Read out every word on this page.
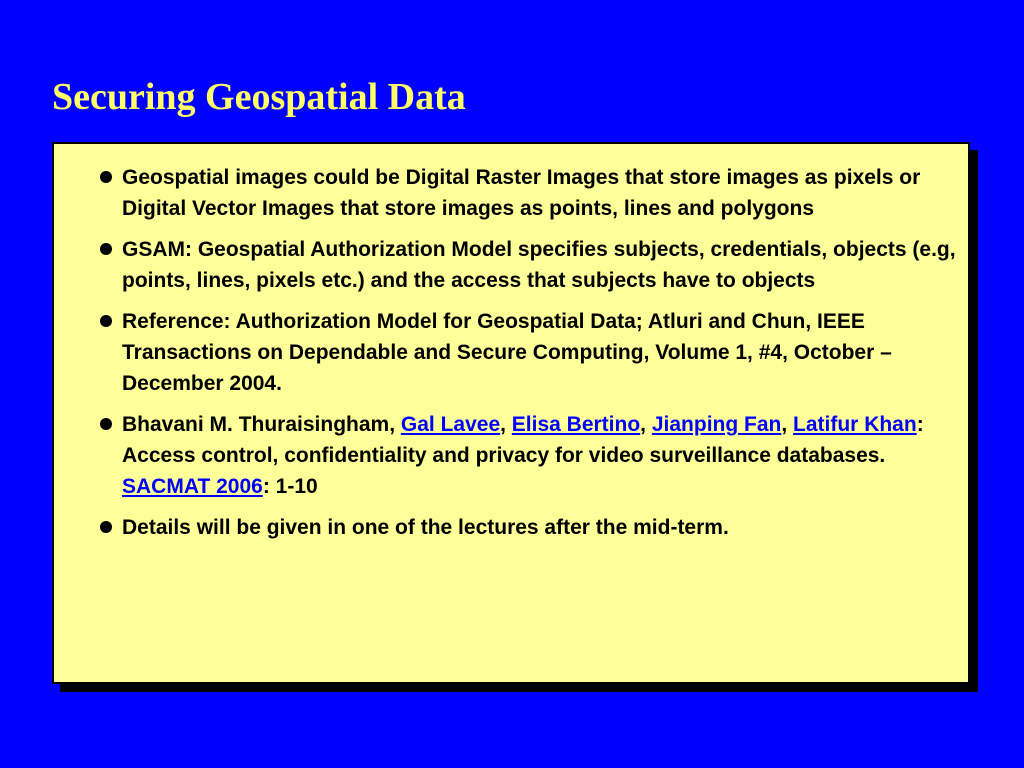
Securing Geospatial Data
Geospatial images could be Digital Raster Images that store images as pixels or Digital Vector Images that store images as points, lines and polygons
GSAM: Geospatial Authorization Model specifies subjects, credentials, objects (e.g, points, lines, pixels etc.) and the access that subjects have to objects
Reference: Authorization Model for Geospatial Data; Atluri and Chun, IEEE Transactions on Dependable and Secure Computing, Volume 1, #4, October – December 2004.
Bhavani M. Thuraisingham, Gal Lavee, Elisa Bertino, Jianping Fan, Latifur Khan: Access control, confidentiality and privacy for video surveillance databases. SACMAT 2006: 1-10
Details will be given in one of the lectures after the mid-term.
